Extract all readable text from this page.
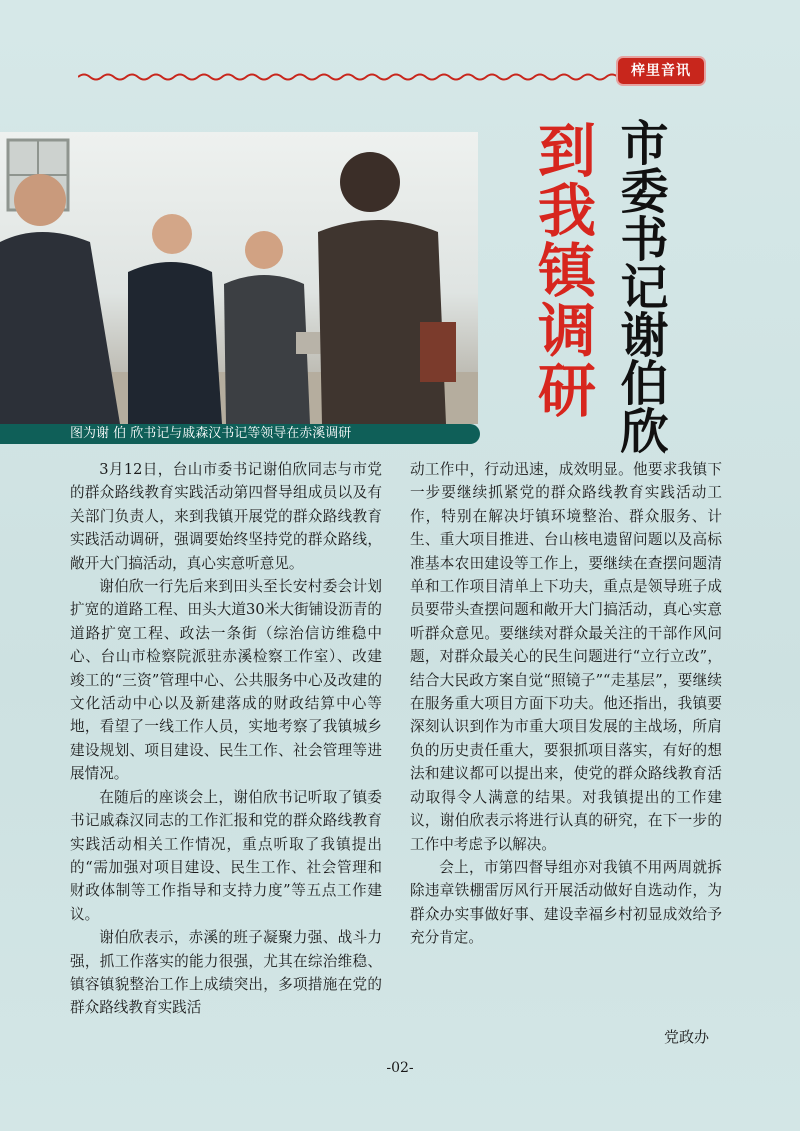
梓里音讯
图为谢 伯 欣书记与戚森汉书记等领导在赤溪调研
到我镇调研 市委书记谢伯欣

3月12日，台山市委书记谢伯欣同志与市党的群众路线教育实践活动第四督导组成员以及有关部门负责人，来到我镇开展党的群众路线教育实践活动调研，强调要始终坚持党的群众路线，敞开大门搞活动，真心实意听意见。

谢伯欣一行先后来到田头至长安村委会计划扩宽的道路工程、田头大道30米大街铺设沥青的道路扩宽工程、政法一条街（综治信访维稳中心、台山市检察院派驻赤溪检察工作室）、改建竣工的“三资”管理中心、公共服务中心及改建的文化活动中心以及新建落成的财政结算中心等地，看望了一线工作人员，实地考察了我镇城乡建设规划、项目建设、民生工作、社会管理等进展情况。

在随后的座谈会上，谢伯欣书记听取了镇委书记戚森汉同志的工作汇报和党的群众路线教育实践活动相关工作情况，重点听取了我镇提出的“需加强对项目建设、民生工作、社会管理和财政体制等工作指导和支持力度”等五点工作建议。

谢伯欣表示，赤溪的班子凝聚力强、战斗力强，抓工作落实的能力很强，尤其在综治维稳、镇容镇貌整治工作上成绩突出，多项措施在党的群众路线教育实践活

动工作中，行动迅速，成效明显。他要求我镇下一步要继续抓紧党的群众路线教育实践活动工作，特别在解决圩镇环境整治、群众服务、计生、重大项目推进、台山核电遗留问题以及高标准基本农田建设等工作上，要继续在查摆问题清单和工作项目清单上下功夫，重点是领导班子成员要带头查摆问题和敞开大门搞活动，真心实意听群众意见。要继续对群众最关注的干部作风问题，对群众最关心的民生问题进行“立行立改”，结合大民政方案自觉“照镜子”“走基层”，要继续在服务重大项目方面下功夫。他还指出，我镇要深刻认识到作为市重大项目发展的主战场，所肩负的历史责任重大，要狠抓项目落实，有好的想法和建议都可以提出来，使党的群众路线教育活动取得令人满意的结果。对我镇提出的工作建议，谢伯欣表示将进行认真的研究，在下一步的工作中考虑予以解决。

会上，市第四督导组亦对我镇不用两周就拆除违章铁棚雷厉风行开展活动做好自选动作，为群众办实事做好事、建设幸福乡村初显成效给予充分肯定。

党政办
-02-
